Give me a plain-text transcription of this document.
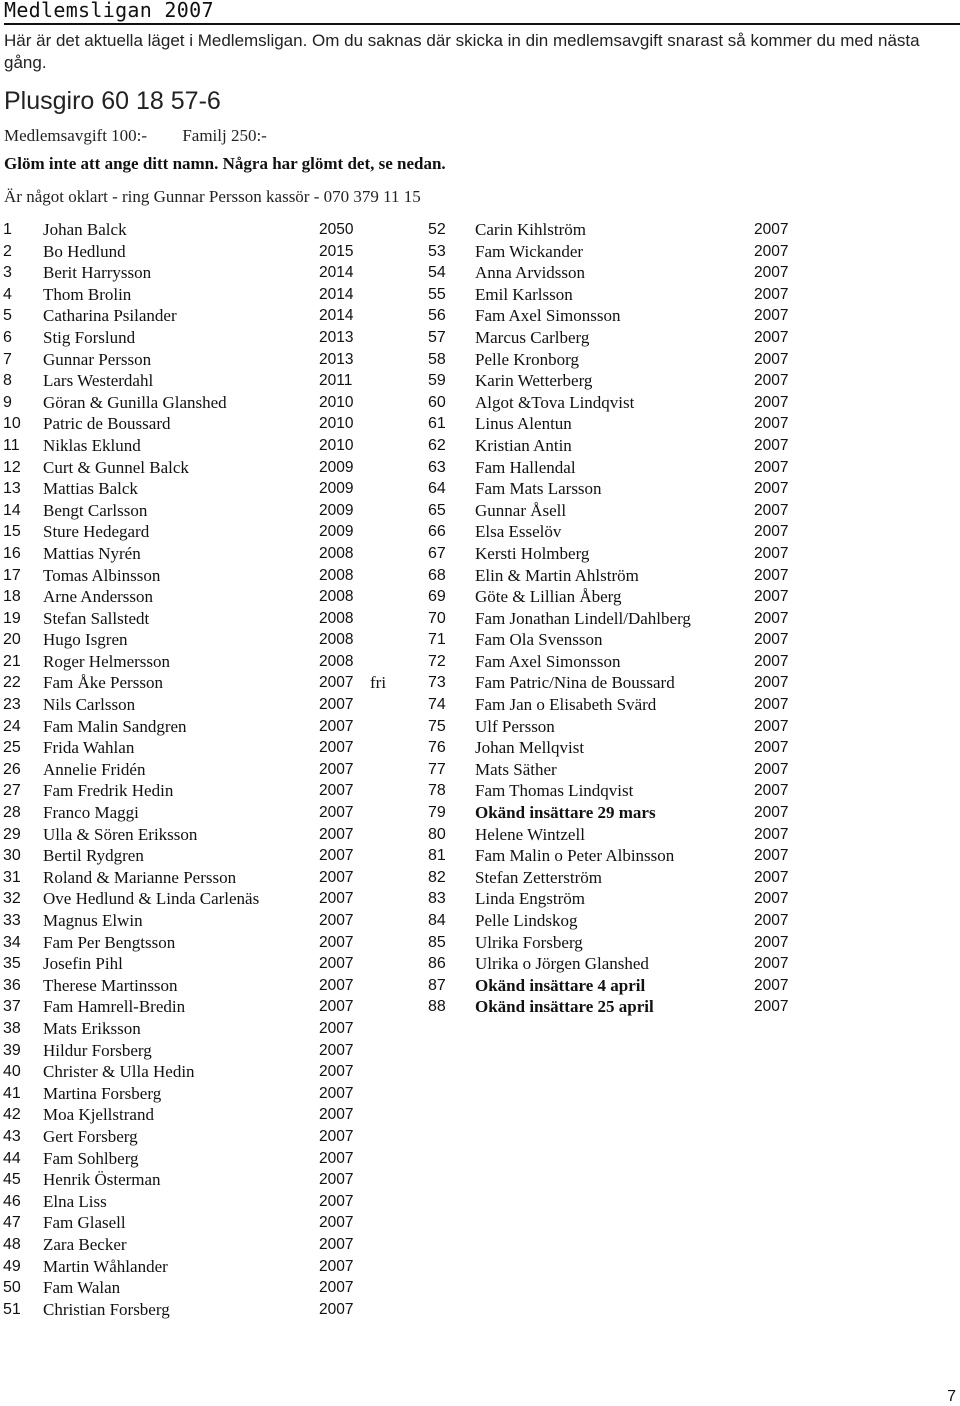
Medlemsligan 2007
Här är det aktuella läget i Medlemsligan. Om du saknas där skicka in din medlemsavgift snarast så kommer du med nästa gång.
Plusgiro 60 18 57-6
Medlemsavgift 100:- Familj 250:-
Glöm inte att ange ditt namn. Några har glömt det, se nedan.
Är något oklart - ring Gunnar Persson kassör - 070 379 11 15
1 Johan Balck	2050
2 Bo Hedlund	2015
3 Berit Harrysson	2014
4 Thom Brolin	2014
5 Catharina Psilander	2014
6 Stig Forslund	2013
7 Gunnar Persson	2013
8 Lars Westerdahl	2011
9 Göran & Gunilla Glanshed	2010
10 Patric de Boussard	2010
11 Niklas Eklund	2010
12 Curt & Gunnel Balck	2009
13 Mattias Balck	2009
14 Bengt Carlsson	2009
15 Sture Hedegard	2009
16 Mattias Nyrén	2008
17 Tomas Albinsson	2008
18 Arne Andersson	2008
19 Stefan Sallstedt	2008
20 Hugo Isgren	2008
21 Roger Helmersson	2008
22 Fam Åke Persson	2007 fri
23 Nils Carlsson	2007
24 Fam Malin Sandgren	2007
25 Frida Wahlan	2007
26 Annelie Fridén	2007
27 Fam Fredrik Hedin	2007
28 Franco Maggi	2007
29 Ulla & Sören Eriksson	2007
30 Bertil Rydgren	2007
31 Roland & Marianne Persson	2007
32 Ove Hedlund & Linda Carlenäs	2007
33 Magnus Elwin	2007
34 Fam Per Bengtsson	2007
35 Josefin Pihl	2007
36 Therese Martinsson	2007
37 Fam Hamrell-Bredin	2007
38 Mats Eriksson	2007
39 Hildur Forsberg	2007
40 Christer & Ulla Hedin	2007
41 Martina Forsberg	2007
42 Moa Kjellstrand	2007
43 Gert Forsberg	2007
44 Fam Sohlberg	2007
45 Henrik Österman	2007
46 Elna Liss	2007
47 Fam Glasell	2007
48 Zara Becker	2007
49 Martin Wåhlander	2007
50 Fam Walan	2007
51 Christian Forsberg	2007
52 Carin Kihlström	2007
53 Fam Wickander	2007
54 Anna Arvidsson	2007
55 Emil Karlsson	2007
56 Fam Axel Simonsson	2007
57 Marcus Carlberg	2007
58 Pelle Kronborg	2007
59 Karin Wetterberg	2007
60 Algot &Tova Lindqvist	2007
61 Linus Alentun	2007
62 Kristian Antin	2007
63 Fam Hallendal	2007
64 Fam Mats Larsson	2007
65 Gunnar Åsell	2007
66 Elsa Esselöv	2007
67 Kersti Holmberg	2007
68 Elin & Martin Ahlström	2007
69 Göte & Lillian Åberg	2007
70 Fam Jonathan Lindell/Dahlberg	2007
71 Fam Ola Svensson	2007
72 Fam Axel Simonsson	2007
73 Fam Patric/Nina de Boussard	2007
74 Fam Jan o Elisabeth Svärd	2007
75 Ulf Persson	2007
76 Johan Mellqvist	2007
77 Mats Säther	2007
78 Fam Thomas Lindqvist	2007
79 Okänd insättare 29 mars	2007
80 Helene Wintzell	2007
81 Fam Malin o Peter Albinsson	2007
82 Stefan Zetterström	2007
83 Linda Engström	2007
84 Pelle Lindskog	2007
85 Ulrika Forsberg	2007
86 Ulrika o Jörgen Glanshed	2007
87 Okänd insättare 4 april	2007
88 Okänd insättare 25 april	2007
7
